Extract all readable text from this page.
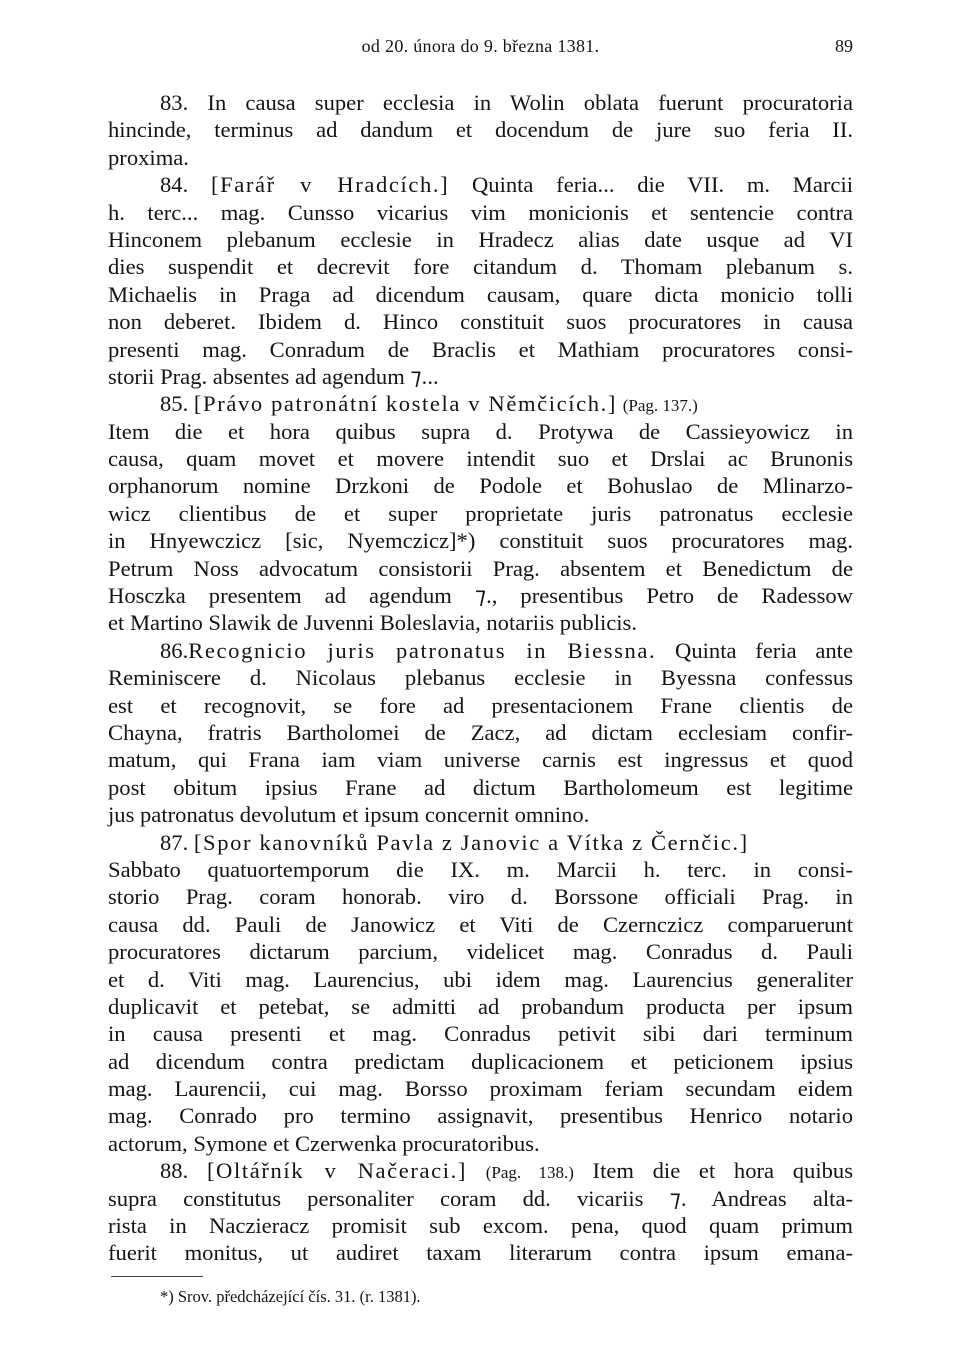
od 20. února do 9. března 1381.	89
83. In causa super ecclesia in Wolin oblata fuerunt procuratoria
hincinde, terminus ad dandum et docendum de jure suo feria II.
proxima.
84. [Farář v Hradcích.] Quinta feria... die VII. m. Marcii
h. terc... mag. Cunsso vicarius vim monicionis et sentencie contra
Hinconem plebanum ecclesie in Hradecz alias date usque ad VI
dies suspendit et decrevit fore citandum d. Thomam plebanum s.
Michaelis in Praga ad dicendum causam, quare dicta monicio tolli
non deberet. Ibidem d. Hinco constituit suos procuratores in causa
presenti mag. Conradum de Braclis et Mathiam procuratores consi-
storii Prag. absentes ad agendum ⁊...
85. [Právo patronátní kostela v Němčicích.] (Pag. 137.)
Item die et hora quibus supra d. Protywa de Cassieyowicz in
causa, quam movet et movere intendit suo et Drslai ac Brunonis
orphanorum nomine Drzkoni de Podole et Bohuslao de Mlinarzo-
wicz clientibus de et super proprietate juris patronatus ecclesie
in Hnyewczicz [sic, Nyemczicz]*) constituit suos procuratores mag.
Petrum Noss advocatum consistorii Prag. absentem et Benedictum de
Hosczka presentem ad agendum ⁊., presentibus Petro de Radessow
et Martino Slawik de Juvenni Boleslavia, notariis publicis.
86.Recognicio juris patronatus in Biessna. Quinta feria ante
Reminiscere d. Nicolaus plebanus ecclesie in Byessna confessus
est et recognovit, se fore ad presentacionem Frane clientis de
Chayna, fratris Bartholomei de Zacz, ad dictam ecclesiam confir-
matum, qui Frana iam viam universe carnis est ingressus et quod
post obitum ipsius Frane ad dictum Bartholomeum est legitime
jus patronatus devolutum et ipsum concernit omnino.
87. [Spor kanovníků Pavla z Janovic a Vítka z Černčic.]
Sabbato quatuortemporum die IX. m. Marcii h. terc. in consi-
storio Prag. coram honorab. viro d. Borssone officiali Prag. in
causa dd. Pauli de Janowicz et Viti de Czernczicz comparuerunt
procuratores dictarum parcium, videlicet mag. Conradus d. Pauli
et d. Viti mag. Laurencius, ubi idem mag. Laurencius generaliter
duplicavit et petebat, se admitti ad probandum producta per ipsum
in causa presenti et mag. Conradus petivit sibi dari terminum
ad dicendum contra predictam duplicacionem et peticionem ipsius
mag. Laurencii, cui mag. Borsso proximam feriam secundam eidem
mag. Conrado pro termino assignavit, presentibus Henrico notario
actorum, Symone et Czerwenka procuratoribus.
88. [Oltářník v Načeraci.] (Pag. 138.) Item die et hora quibus
supra constitutus personaliter coram dd. vicariis ⁊. Andreas alta-
rista in Naczieracz promisit sub excom. pena, quod quam primum
fuerit monitus, ut audiret taxam literarum contra ipsum emana-
*) Srov. předcházející čís. 31. (r. 1381).
